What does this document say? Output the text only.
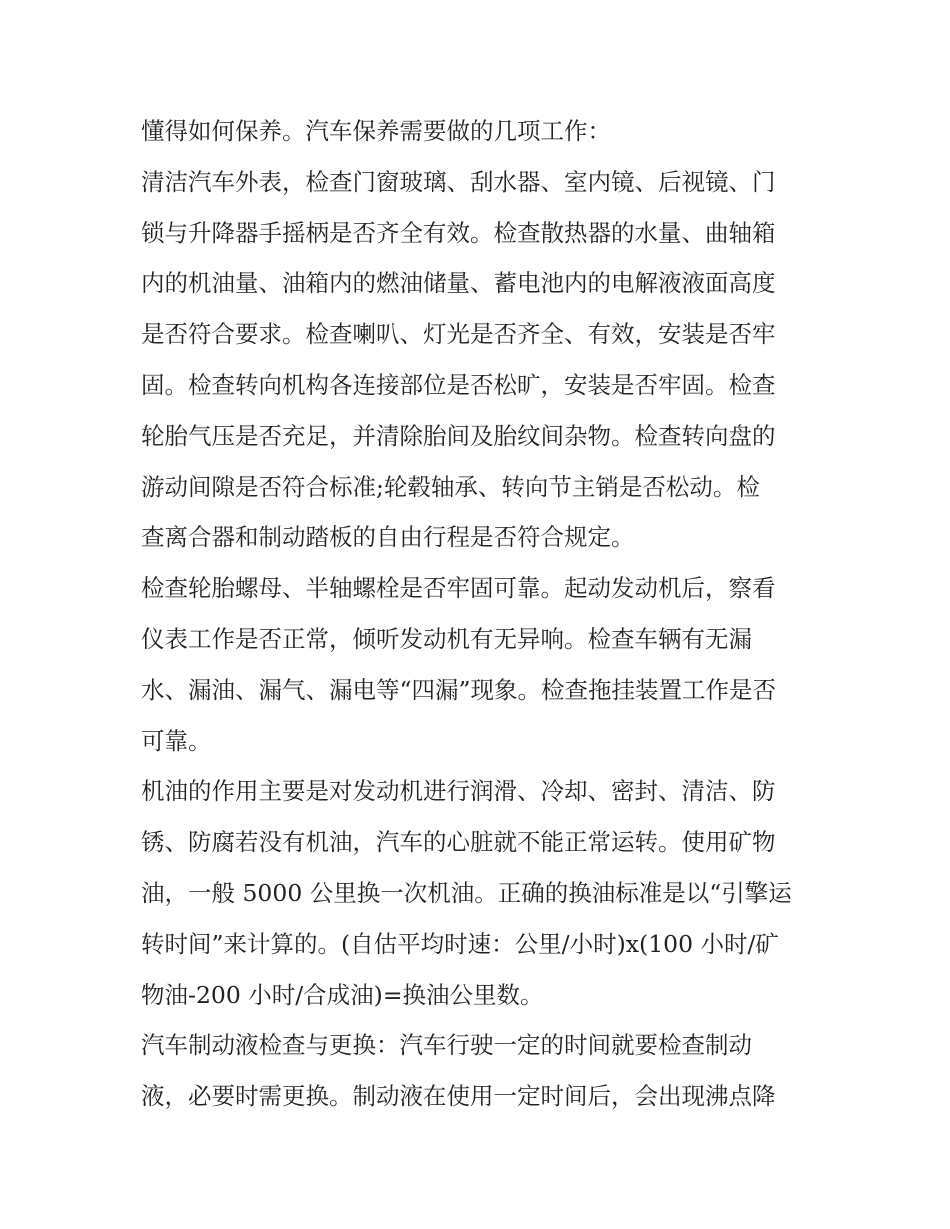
懂得如何保养。汽车保养需要做的几项工作：
清洁汽车外表，检查门窗玻璃、刮水器、室内镜、后视镜、门
锁与升降器手摇柄是否齐全有效。检查散热器的水量、曲轴箱
内的机油量、油箱内的燃油储量、蓄电池内的电解液液面高度
是否符合要求。检查喇叭、灯光是否齐全、有效，安装是否牢
固。检查转向机构各连接部位是否松旷，安装是否牢固。检查
轮胎气压是否充足，并清除胎间及胎纹间杂物。检查转向盘的
游动间隙是否符合标准;轮毂轴承、转向节主销是否松动。检
查离合器和制动踏板的自由行程是否符合规定。
检查轮胎螺母、半轴螺栓是否牢固可靠。起动发动机后，察看
仪表工作是否正常，倾听发动机有无异响。检查车辆有无漏
水、漏油、漏气、漏电等“四漏”现象。检查拖挂装置工作是否
可靠。
机油的作用主要是对发动机进行润滑、冷却、密封、清洁、防
锈、防腐若没有机油，汽车的心脏就不能正常运转。使用矿物
油，一般 5000 公里换一次机油。正确的换油标准是以“引擎运
转时间”来计算的。(自估平均时速：公里/小时)x(100 小时/矿
物油-200 小时/合成油)=换油公里数。
汽车制动液检查与更换：汽车行驶一定的时间就要检查制动
液，必要时需更换。制动液在使用一定时间后，会出现沸点降
